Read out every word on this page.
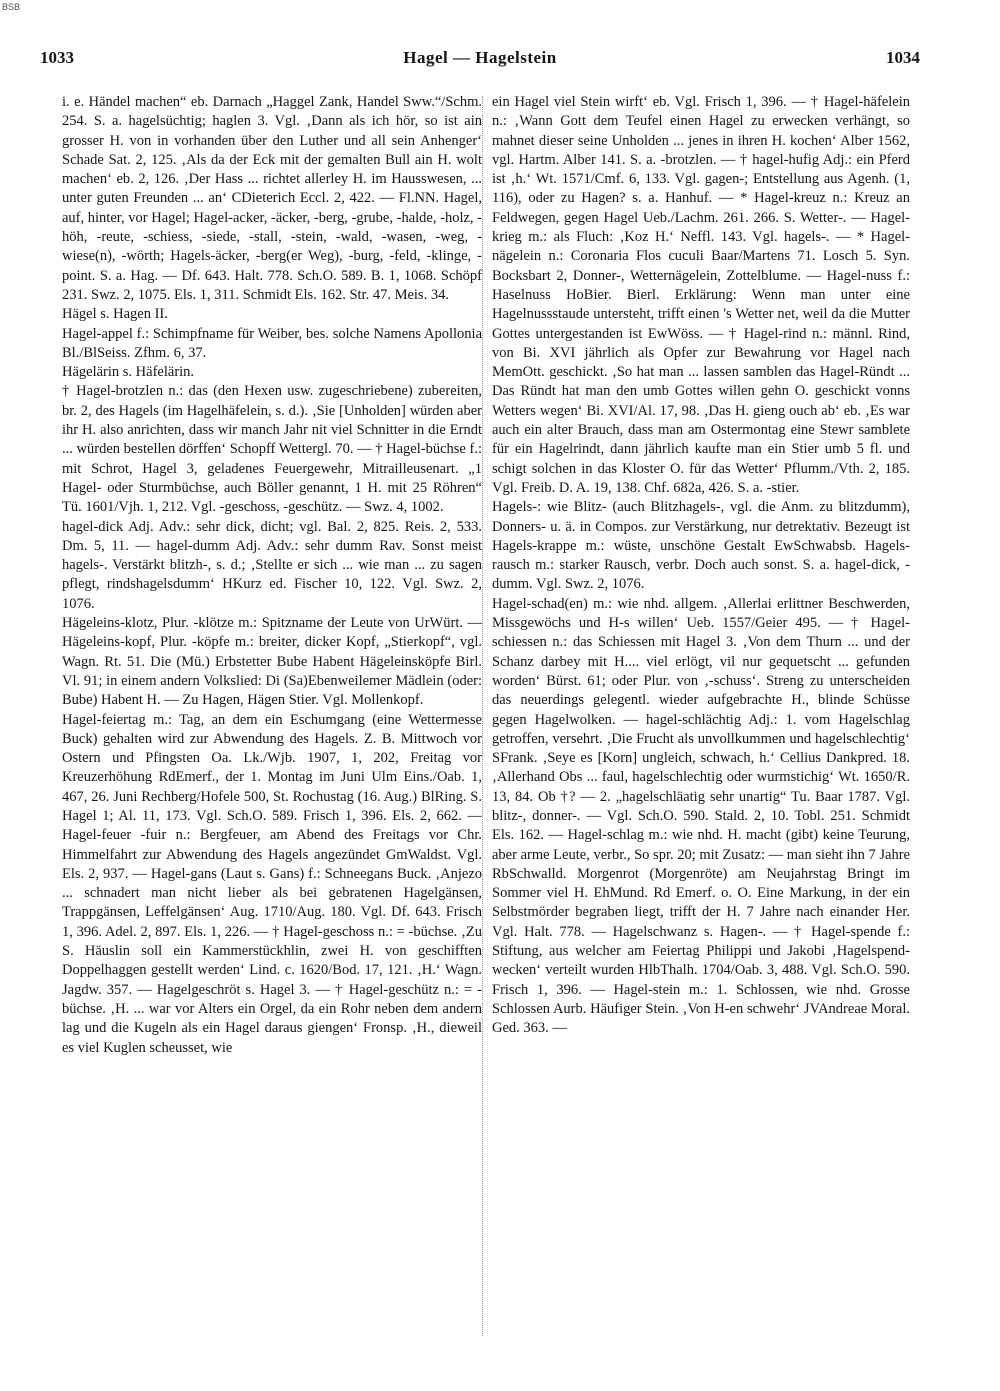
BSB
1033	Hagel — Hagelstein	1034

i. e. Händel machen“ eb. Darnach „Haggel Zank, Handel Sww.“/Schm. 254. S. a. hagelsüchtig; haglen 3. Vgl. ‚Dann als ich hör, so ist ain grosser H. von in vorhanden über den Luther und all sein Anhenger‘ Schade Sat. 2, 125. ‚Als da der Eck mit der gemalten Bull ain H. wolt machen‘ eb. 2, 126. ‚Der Hass ... richtet allerley H. im Hausswesen, ... unter guten Freunden ... an‘ CDieterich Eccl. 2, 422. — Fl.NN. Hagel, auf, hinter, vor Hagel; Hagel-acker, -äcker, -berg, -grube, -halde, -holz, -höh, -reute, -schiess, -siede, -stall, -stein, -wald, -wasen, -weg, -wiese(n), -wörth; Hagels-äcker, -berg(er Weg), -burg, -feld, -klinge, -point. S. a. Hag. — Df. 643. Halt. 778. Sch.O. 589. B. 1, 1068. Schöpf 231. Swz. 2, 1075. Els. 1, 311. Schmidt Els. 162. Str. 47. Meis. 34.

Hägel s. Hagen II.

Hagel-appel f.: Schimpfname für Weiber, bes. solche Namens Apollonia Bl./BlSeiss. Zfhm. 6, 37.

Hägelärin s. Häfelärin.

† Hagel-brotzlen n.: das (den Hexen usw. zugeschriebene) zubereiten, br. 2, des Hagels (im Hagelhäfelein, s. d.). ‚Sie [Unholden] würden aber ihr H. also anrichten, dass wir manch Jahr nit viel Schnitter in die Erndt ... würden bestellen dörffen‘ Schopff Wettergl. 70. — † Hagel-büchse f.: mit Schrot, Hagel 3, geladenes Feuergewehr, Mitrailleusenart. „1 Hagel- oder Sturmbüchse, auch Böller genannt, 1 H. mit 25 Röhren“ Tü. 1601/Vjh. 1, 212. Vgl. -geschoss, -geschütz. — Swz. 4, 1002.

hagel-dick Adj. Adv.: sehr dick, dicht; vgl. Bal. 2, 825. Reis. 2, 533. Dm. 5, 11. — hagel-dumm Adj. Adv.: sehr dumm Rav. Sonst meist hagels-. Verstärkt blitzh-, s. d.; ‚Stellte er sich ... wie man ... zu sagen pflegt, rindshagelsdumm‘ HKurz ed. Fischer 10, 122. Vgl. Swz. 2, 1076.

Hägeleins-klotz, Plur. -klötze m.: Spitzname der Leute von UrWürt. — Hägeleins-kopf, Plur. -köpfe m.: breiter, dicker Kopf, „Stierkopf“, vgl. Wagn. Rt. 51. Die (Mü.) Erbstetter Bube Habent Hägeleinsköpfe Birl. Vl. 91; in einem andern Volkslied: Di (Sa)Ebenweilemer Mädlein (oder: Bube) Habent H. — Zu Hagen, Hägen Stier. Vgl. Mollenkopf.

Hagel-feiertag m.: Tag, an dem ein Eschumgang (eine Wettermesse Buck) gehalten wird zur Abwendung des Hagels. Z. B. Mittwoch vor Ostern und Pfingsten Oa. Lk./Wjb. 1907, 1, 202, Freitag vor Kreuzerhöhung RdEmerf., der 1. Montag im Juni Ulm Eins./Oab. 1, 467, 26. Juni Rechberg/Hofele 500, St. Rochustag (16. Aug.) BlRing. S. Hagel 1; Al. 11, 173. Vgl. Sch.O. 589. Frisch 1, 396. Els. 2, 662. — Hagel-feuer -fuir n.: Bergfeuer, am Abend des Freitags vor Chr. Himmelfahrt zur Abwendung des Hagels angezündet GmWaldst. Vgl. Els. 2, 937. — Hagel-gans (Laut s. Gans) f.: Schneegans Buck. ‚Anjezo ... schnadert man nicht lieber als bei gebratenen Hagelgänsen, Trappgänsen, Leffelgänsen‘ Aug. 1710/Aug. 180. Vgl. Df. 643. Frisch 1, 396. Adel. 2, 897. Els. 1, 226. — † Hagel-geschoss n.: = -büchse. ‚Zu S. Häuslin soll ein Kammerstückhlin, zwei H. von geschifften Doppelhaggen gestellt werden‘ Lind. c. 1620/Bod. 17, 121. ‚H.‘ Wagn. Jagdw. 357. — Hagelgeschröt s. Hagel 3. — † Hagel-geschütz n.: = -büchse. ‚H. ... war vor Alters ein Orgel, da ein Rohr neben dem andern lag und die Kugeln als ein Hagel daraus giengen‘ Fronsp. ‚H., dieweil es viel Kuglen scheusset, wie

ein Hagel viel Stein wirft‘ eb. Vgl. Frisch 1, 396. — † Hagel-häfelein n.: ‚Wann Gott dem Teufel einen Hagel zu erwecken verhängt, so mahnet dieser seine Unholden ... jenes in ihren H. kochen‘ Alber 1562, vgl. Hartm. Alber 141. S. a. -brotzlen. — † hagel-hufig Adj.: ein Pferd ist ‚h.‘ Wt. 1571/Cmf. 6, 133. Vgl. gagen-; Entstellung aus Agenh. (1, 116), oder zu Hagen? s. a. Hanhuf. — * Hagel-kreuz n.: Kreuz an Feldwegen, gegen Hagel Ueb./Lachm. 261. 266. S. Wetter-. — Hagel-krieg m.: als Fluch: ‚Koz H.‘ Neffl. 143. Vgl. hagels-. — * Hagel-nägelein n.: Coronaria Flos cuculi Baar/Martens 71. Losch 5. Syn. Bocksbart 2, Donner-, Wetternägelein, Zottelblume. — Hagel-nuss f.: Haselnuss HoBier. Bierl. Erklärung: Wenn man unter eine Hagelnussstaude untersteht, trifft einen 's Wetter net, weil da die Mutter Gottes untergestanden ist EwWöss. — † Hagel-rind n.: männl. Rind, von Bi. XVI jährlich als Opfer zur Bewahrung vor Hagel nach MemOtt. geschickt. ‚So hat man ... lassen samblen das Hagel-Ründt ... Das Ründt hat man den umb Gottes willen gehn O. geschickt vonns Wetters wegen‘ Bi. XVI/Al. 17, 98. ‚Das H. gieng ouch ab‘ eb. ‚Es war auch ein alter Brauch, dass man am Ostermontag eine Stewr samblete für ein Hagelrindt, dann jährlich kaufte man ein Stier umb 5 fl. und schigt solchen in das Kloster O. für das Wetter‘ Pflumm./Vth. 2, 185. Vgl. Freib. D. A. 19, 138. Chf. 682a, 426. S. a. -stier.

Hagels-: wie Blitz- (auch Blitzhagels-, vgl. die Anm. zu blitzdumm), Donners- u. ä. in Compos. zur Verstärkung, nur detrektativ. Bezeugt ist Hagels-krappe m.: wüste, unschöne Gestalt EwSchwabsb. Hagels-rausch m.: starker Rausch, verbr. Doch auch sonst. S. a. hagel-dick, -dumm. Vgl. Swz. 2, 1076.

Hagel-schad(en) m.: wie nhd. allgem. ‚Allerlai erlittner Beschwerden, Missgewöchs und H-s willen‘ Ueb. 1557/Geier 495. — † Hagel-schiessen n.: das Schiessen mit Hagel 3. ‚Von dem Thurn ... und der Schanz darbey mit H.... viel erlögt, vil nur gequetscht ... gefunden worden‘ Bürst. 61; oder Plur. von ‚-schuss‘. Streng zu unterscheiden das neuerdings gelegentl. wieder aufgebrachte H., blinde Schüsse gegen Hagelwolken. — hagel-schlächtig Adj.: 1. vom Hagelschlag getroffen, versehrt. ‚Die Frucht als unvollkummen und hagelschlechtig‘ SFrank. ‚Seye es [Korn] ungleich, schwach, h.‘ Cellius Dankpred. 18. ‚Allerhand Obs ... faul, hagelschlechtig oder wurmstichig‘ Wt. 1650/R. 13, 84. Ob †? — 2. „hagelschläatig sehr unartig“ Tu. Baar 1787. Vgl. blitz-, donner-. — Vgl. Sch.O. 590. Stald. 2, 10. Tobl. 251. Schmidt Els. 162. — Hagel-schlag m.: wie nhd. H. macht (gibt) keine Teurung, aber arme Leute, verbr., So spr. 20; mit Zusatz: — man sieht ihn 7 Jahre RbSchwalld. Morgenrot (Morgenröte) am Neujahrstag Bringt im Sommer viel H. EhMund. Rd Emerf. o. O. Eine Markung, in der ein Selbstmörder begraben liegt, trifft der H. 7 Jahre nach einander Her. Vgl. Halt. 778. — Hagelschwanz s. Hagen-. — † Hagel-spende f.: Stiftung, aus welcher am Feiertag Philippi und Jakobi ‚Hagelspend-wecken‘ verteilt wurden HlbThalh. 1704/Oab. 3, 488. Vgl. Sch.O. 590. Frisch 1, 396. — Hagel-stein m.: 1. Schlossen, wie nhd. Grosse Schlossen Aurb. Häufiger Stein. ‚Von H-en schwehr‘ JVAndreae Moral. Ged. 363. —
